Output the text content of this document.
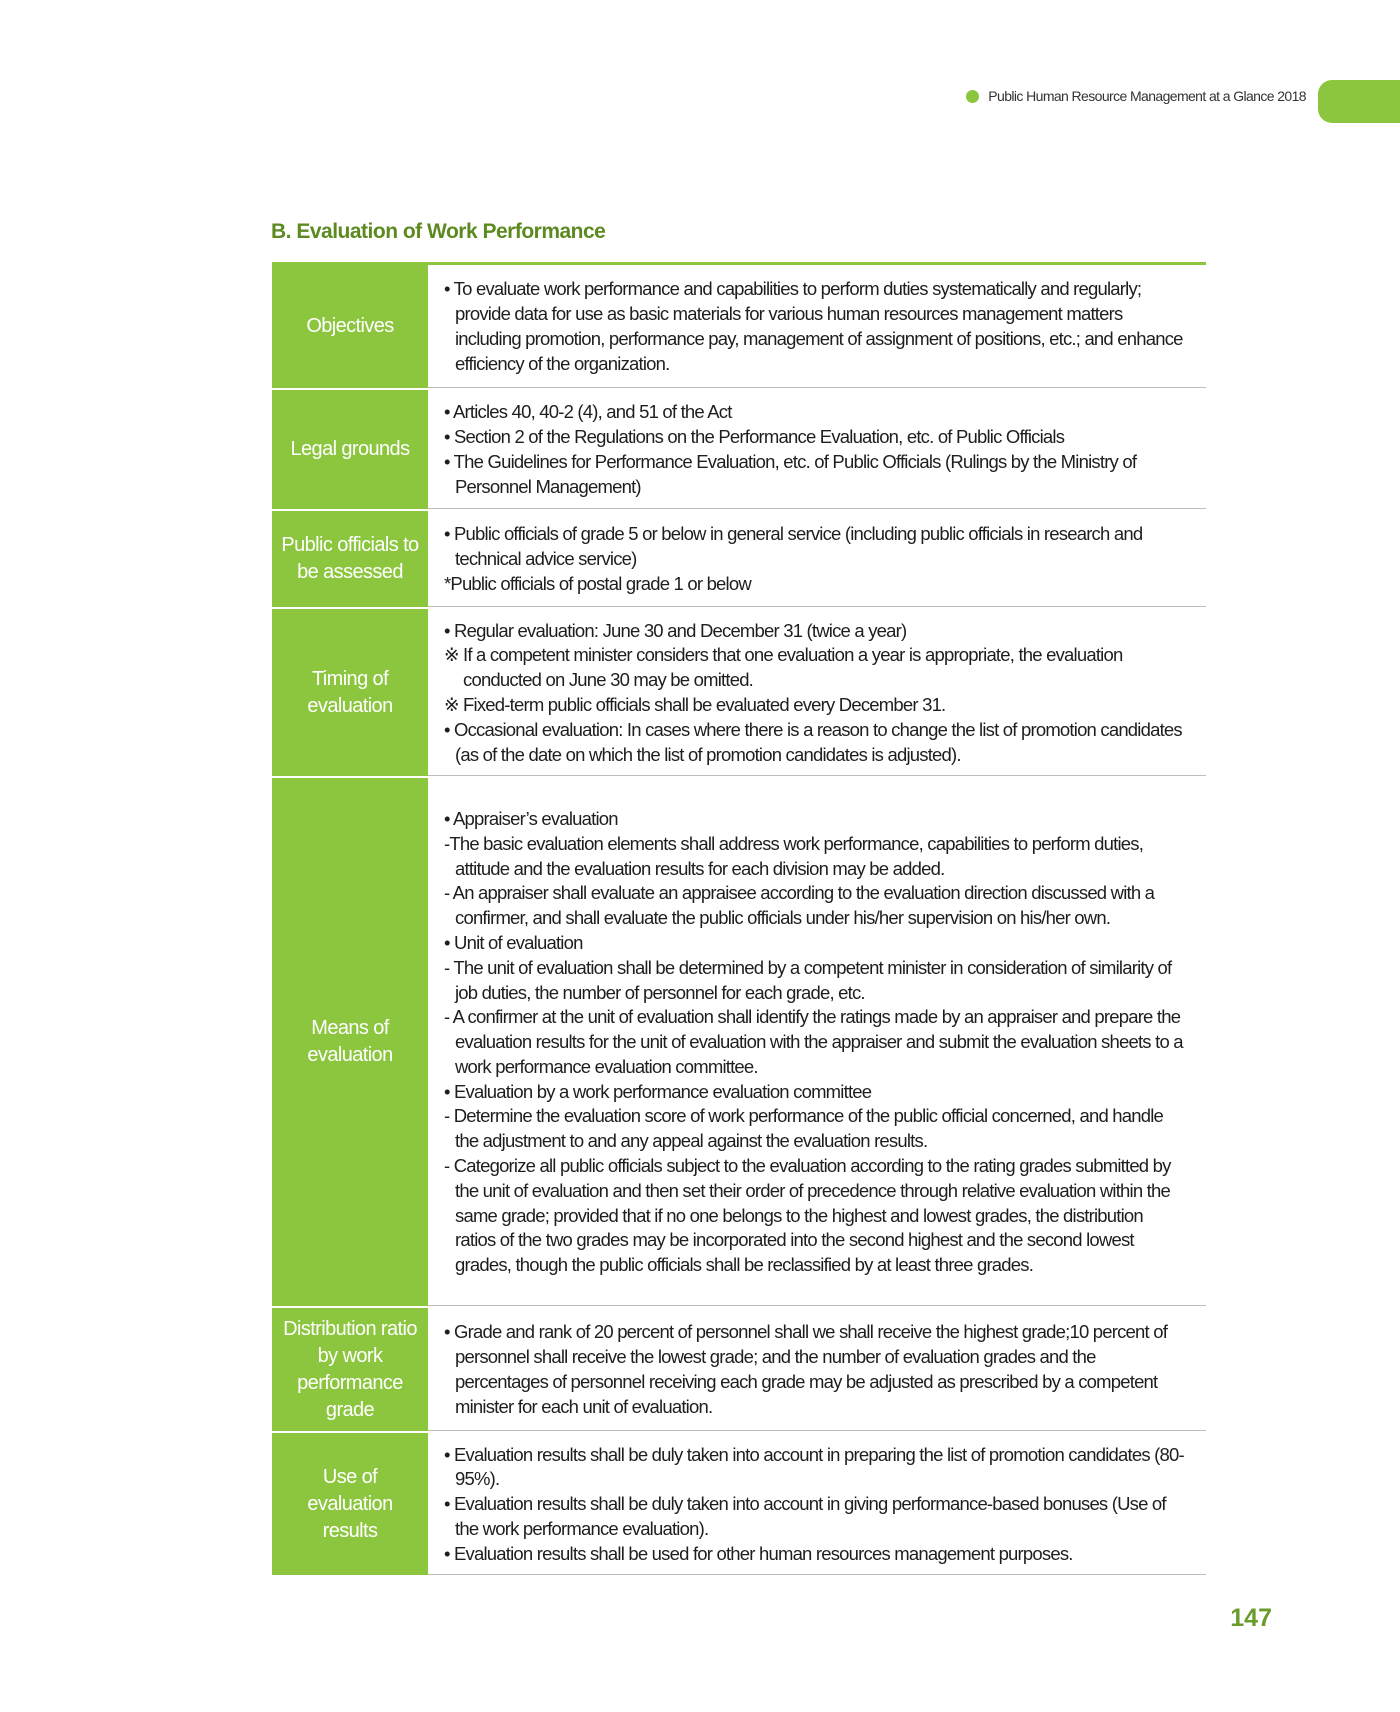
Public Human Resource Management at a Glance 2018
B. Evaluation of Work Performance
Objectives

• To evaluate work performance and capabilities to perform duties systematically and regularly; provide data for use as basic materials for various human resources management matters including promotion, performance pay, management of assignment of positions, etc.; and enhance efficiency of the organization.

Legal grounds

• Articles 40, 40-2 (4), and 51 of the Act

• Section 2 of the Regulations on the Performance Evaluation, etc. of Public Officials

• The Guidelines for Performance Evaluation, etc. of Public Officials (Rulings by the Ministry of Personnel Management)

Public officials to be assessed

• Public officials of grade 5 or below in general service (including public officials in research and technical advice service)

*Public officials of postal grade 1 or below

Timing of evaluation

• Regular evaluation: June 30 and December 31 (twice a year)

※ If a competent minister considers that one evaluation a year is appropriate, the evaluation conducted on June 30 may be omitted.

※ Fixed-term public officials shall be evaluated every December 31.

• Occasional evaluation: In cases where there is a reason to change the list of promotion candidates (as of the date on which the list of promotion candidates is adjusted).

Means of evaluation

• Appraiser’s evaluation

-The basic evaluation elements shall address work performance, capabilities to perform duties, attitude and the evaluation results for each division may be added.

- An appraiser shall evaluate an appraisee according to the evaluation direction discussed with a confirmer, and shall evaluate the public officials under his/her supervision on his/her own.

• Unit of evaluation

- The unit of evaluation shall be determined by a competent minister in consideration of similarity of job duties, the number of personnel for each grade, etc.

- A confirmer at the unit of evaluation shall identify the ratings made by an appraiser and prepare the evaluation results for the unit of evaluation with the appraiser and submit the evaluation sheets to a work performance evaluation committee.

• Evaluation by a work performance evaluation committee

- Determine the evaluation score of work performance of the public official concerned, and handle the adjustment to and any appeal against the evaluation results.

- Categorize all public officials subject to the evaluation according to the rating grades submitted by the unit of evaluation and then set their order of precedence through relative evaluation within the same grade; provided that if no one belongs to the highest and lowest grades, the distribution ratios of the two grades may be incorporated into the second highest and the second lowest grades, though the public officials shall be reclassified by at least three grades.

Distribution ratio by work performance grade

• Grade and rank of 20 percent of personnel shall we shall receive the highest grade;10 percent of personnel shall receive the lowest grade; and the number of evaluation grades and the percentages of personnel receiving each grade may be adjusted as prescribed by a competent minister for each unit of evaluation.

Use of evaluation results

• Evaluation results shall be duly taken into account in preparing the list of promotion candidates (80-95%).

• Evaluation results shall be duly taken into account in giving performance-based bonuses (Use of the work performance evaluation).

• Evaluation results shall be used for other human resources management purposes.

147
